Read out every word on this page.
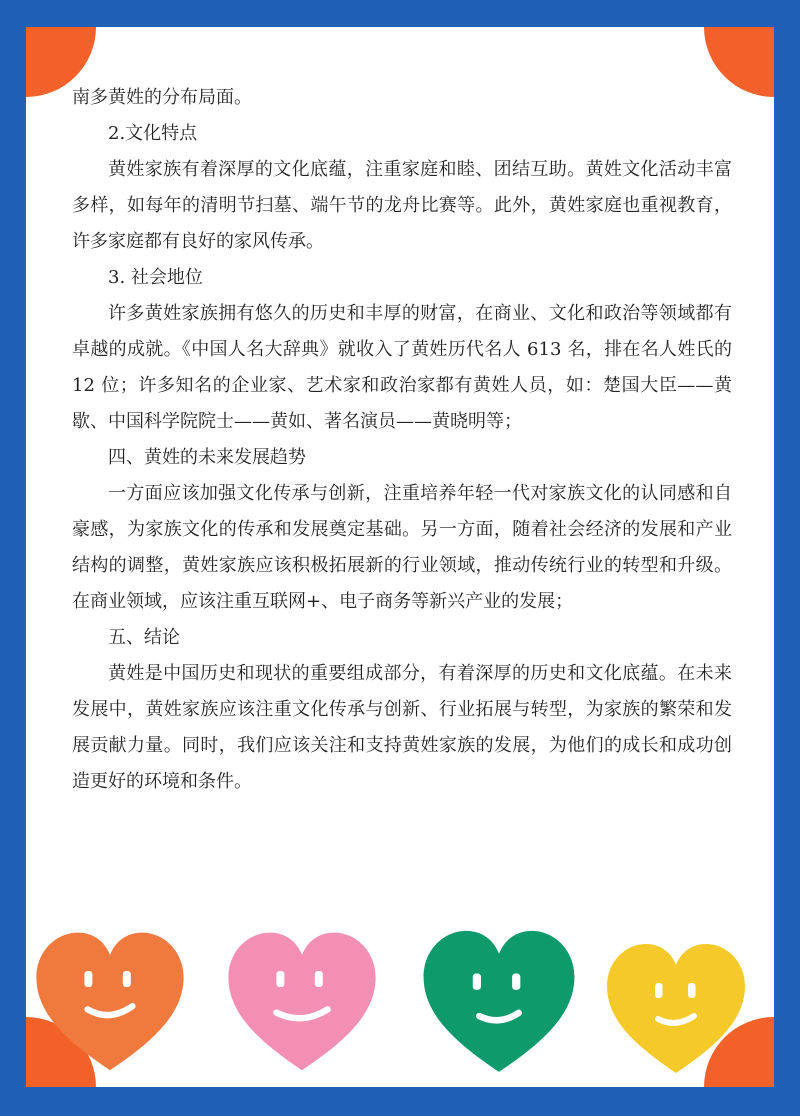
南多黄姓的分布局面。

2.文化特点

黄姓家族有着深厚的文化底蕴，注重家庭和睦、团结互助。黄姓文化活动丰富多样，如每年的清明节扫墓、端午节的龙舟比赛等。此外，黄姓家庭也重视教育，许多家庭都有良好的家风传承。

3. 社会地位

许多黄姓家族拥有悠久的历史和丰厚的财富，在商业、文化和政治等领域都有卓越的成就。《中国人名大辞典》就收入了黄姓历代名人 613 名，排在名人姓氏的 12 位；许多知名的企业家、艺术家和政治家都有黄姓人员，如：楚国大臣——黄歇、中国科学院院士——黄如、著名演员——黄晓明等；

四、黄姓的未来发展趋势

一方面应该加强文化传承与创新，注重培养年轻一代对家族文化的认同感和自豪感，为家族文化的传承和发展奠定基础。另一方面，随着社会经济的发展和产业结构的调整，黄姓家族应该积极拓展新的行业领域，推动传统行业的转型和升级。在商业领域，应该注重互联网+、电子商务等新兴产业的发展；

五、结论

黄姓是中国历史和现状的重要组成部分，有着深厚的历史和文化底蕴。在未来发展中，黄姓家族应该注重文化传承与创新、行业拓展与转型，为家族的繁荣和发展贡献力量。同时，我们应该关注和支持黄姓家族的发展，为他们的成长和成功创造更好的环境和条件。
